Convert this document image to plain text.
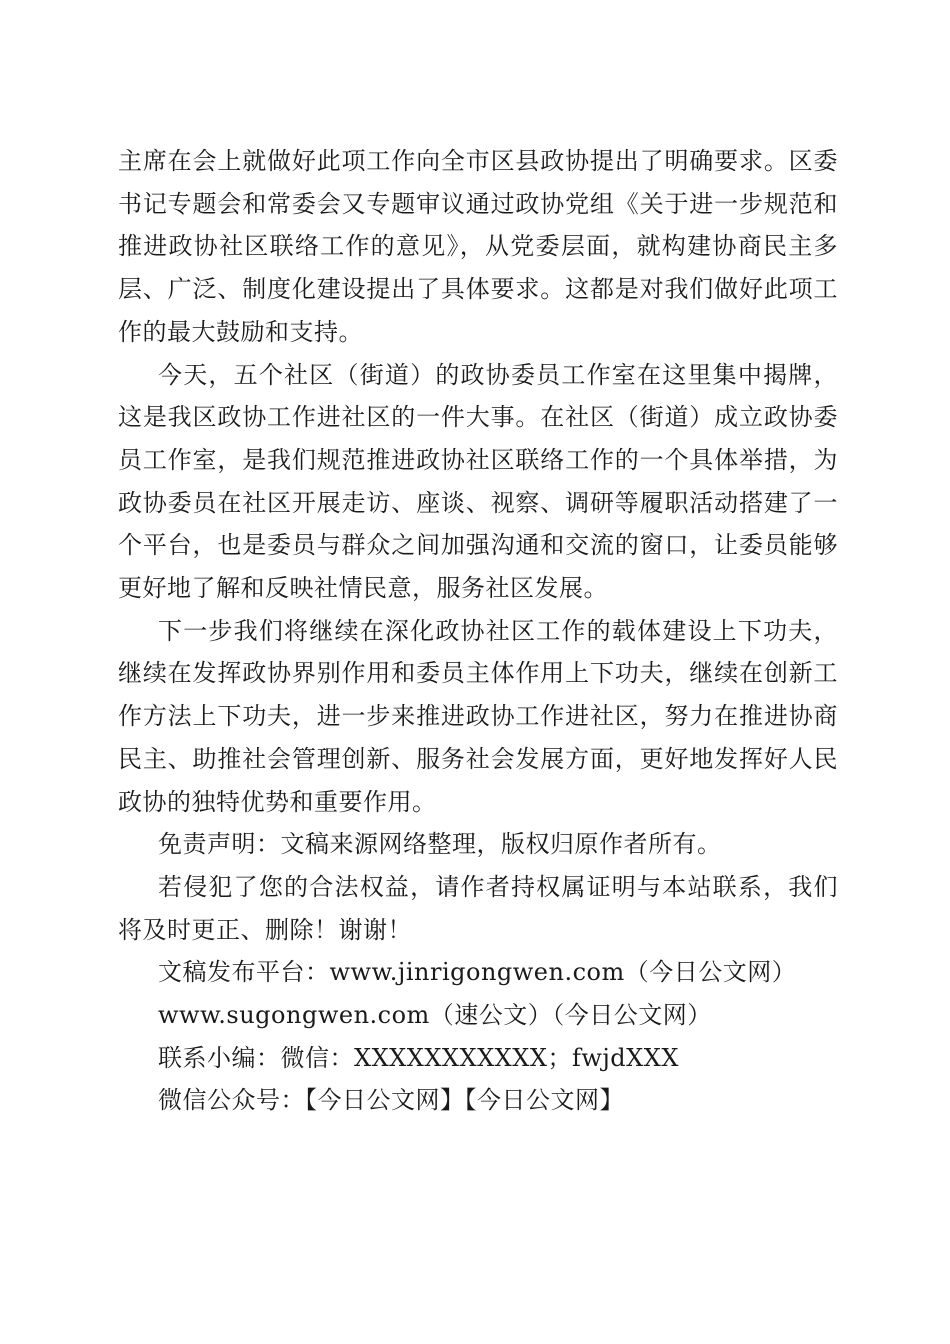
主席在会上就做好此项工作向全市区县政协提出了明确要求。区委书记专题会和常委会又专题审议通过政协党组《关于进一步规范和推进政协社区联络工作的意见》，从党委层面，就构建协商民主多层、广泛、制度化建设提出了具体要求。这都是对我们做好此项工作的最大鼓励和支持。

今天，五个社区（街道）的政协委员工作室在这里集中揭牌，这是我区政协工作进社区的一件大事。在社区（街道）成立政协委员工作室，是我们规范推进政协社区联络工作的一个具体举措，为政协委员在社区开展走访、座谈、视察、调研等履职活动搭建了一个平台，也是委员与群众之间加强沟通和交流的窗口，让委员能够更好地了解和反映社情民意，服务社区发展。

下一步我们将继续在深化政协社区工作的载体建设上下功夫，继续在发挥政协界别作用和委员主体作用上下功夫，继续在创新工作方法上下功夫，进一步来推进政协工作进社区，努力在推进协商民主、助推社会管理创新、服务社会发展方面，更好地发挥好人民政协的独特优势和重要作用。

免责声明：文稿来源网络整理，版权归原作者所有。

若侵犯了您的合法权益，请作者持权属证明与本站联系，我们将及时更正、删除！谢谢！

文稿发布平台：www.jinrigongwen.com（今日公文网）

www.sugongwen.com（速公文）（今日公文网）

联系小编：微信：XXXXXXXXXXX；fwjdXXX

微信公众号：【今日公文网】【今日公文网】
